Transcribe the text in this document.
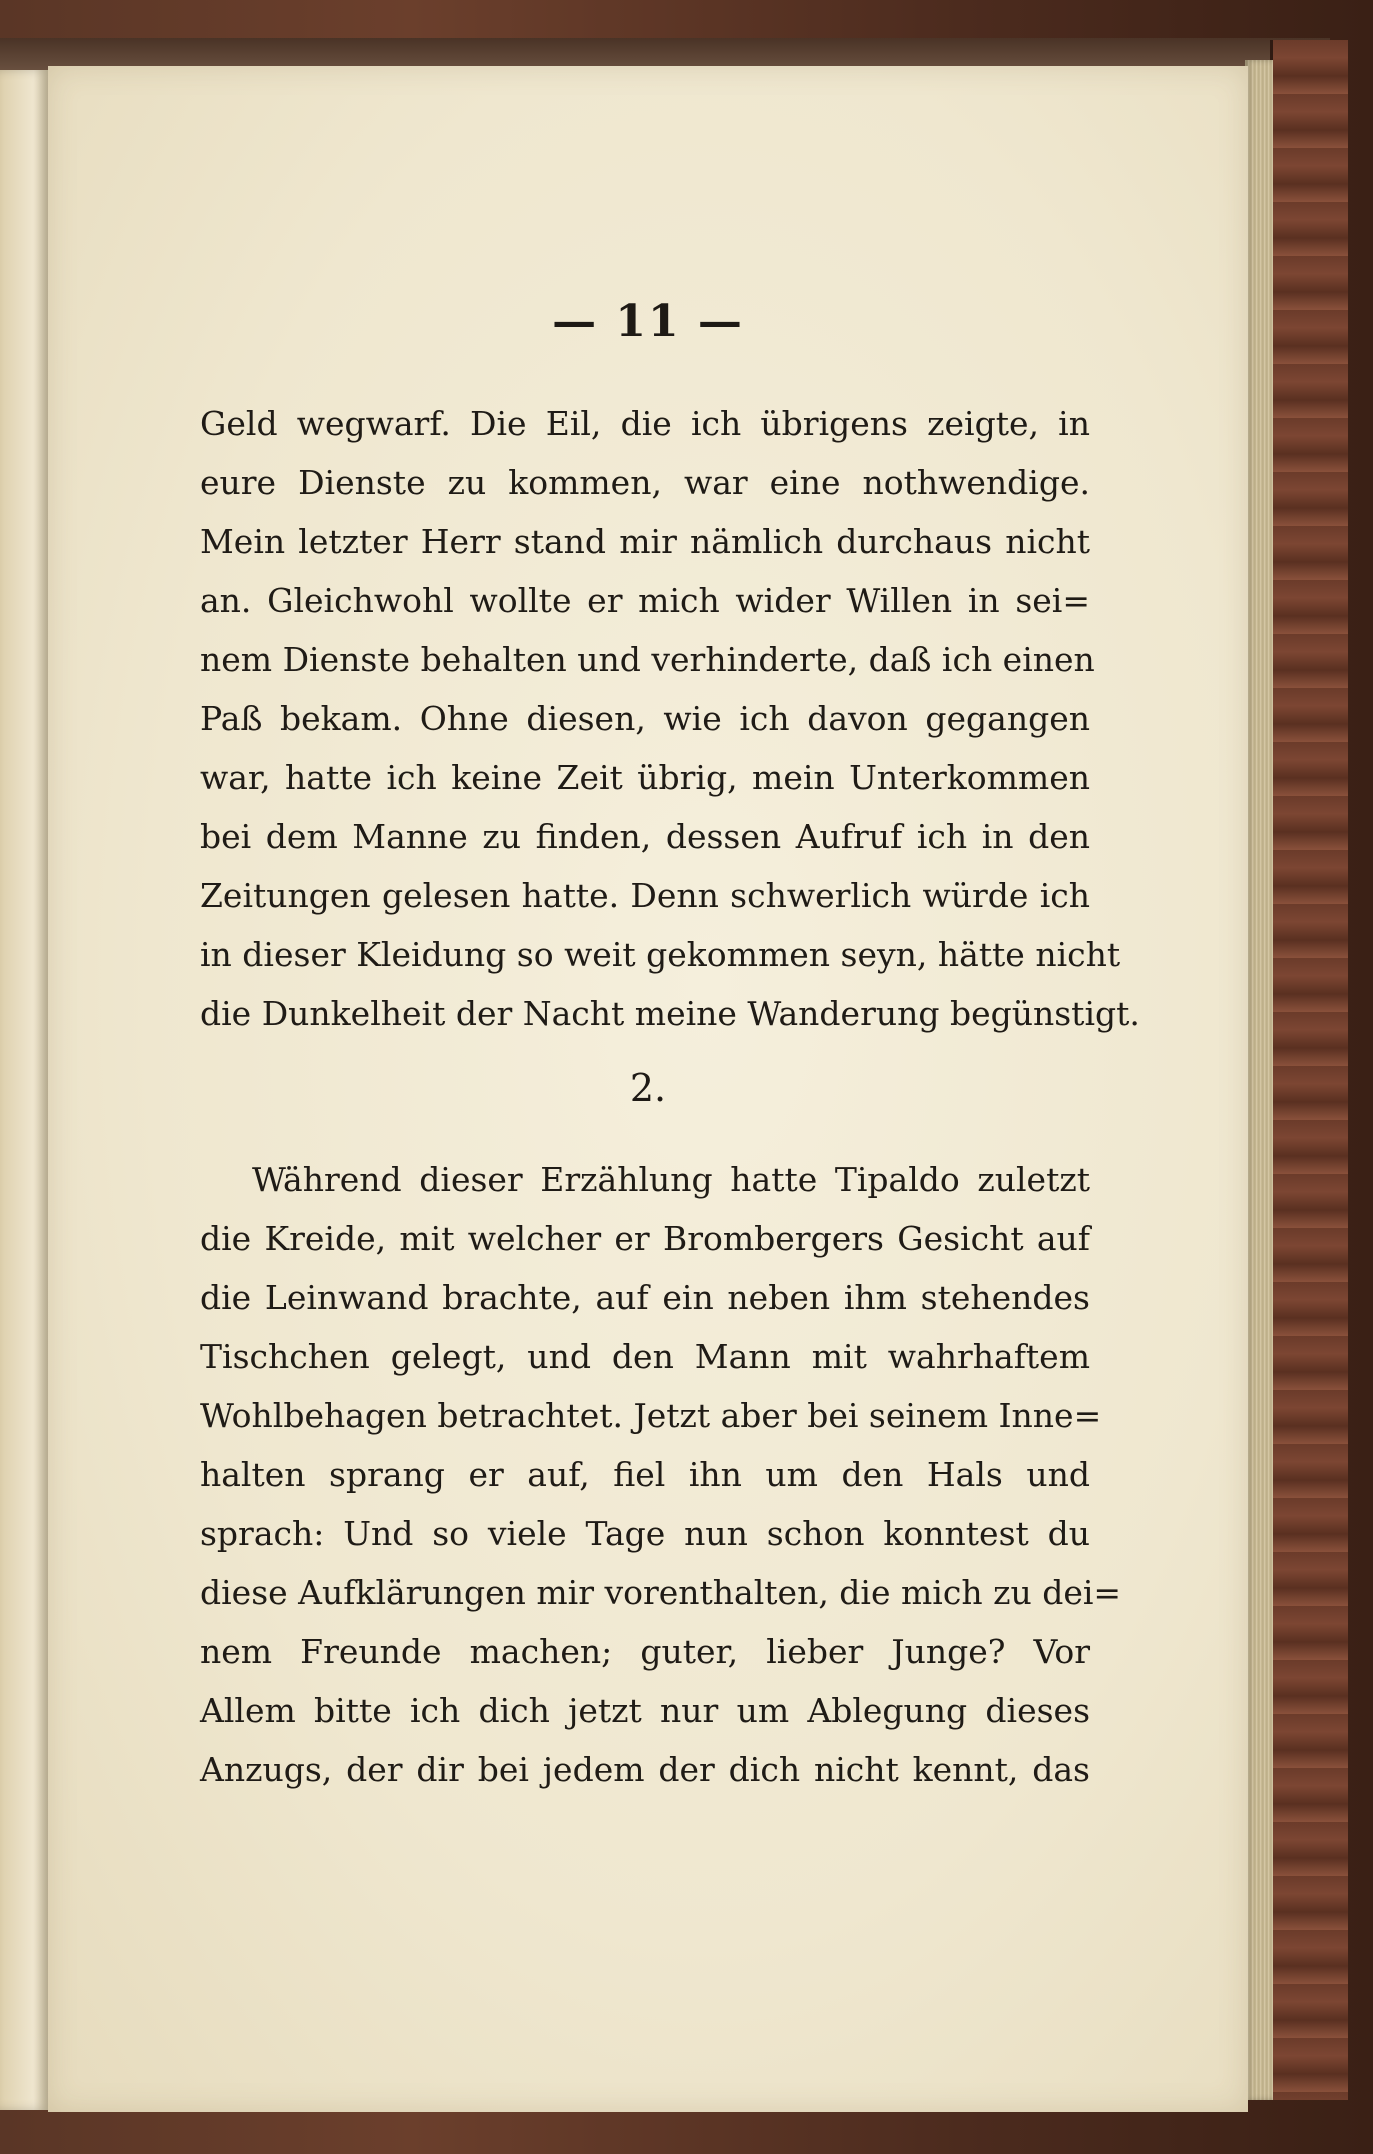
— 11 —
Geld wegwarf. Die Eil, die ich übrigens zeigte, in
eure Dienste zu kommen, war eine nothwendige.
Mein letzter Herr stand mir nämlich durchaus nicht
an. Gleichwohl wollte er mich wider Willen in sei=
nem Dienste behalten und verhinderte, daß ich einen
Paß bekam. Ohne diesen, wie ich davon gegangen
war, hatte ich keine Zeit übrig, mein Unterkommen
bei dem Manne zu finden, dessen Aufruf ich in den
Zeitungen gelesen hatte. Denn schwerlich würde ich
in dieser Kleidung so weit gekommen seyn, hätte nicht
die Dunkelheit der Nacht meine Wanderung begünstigt.
2.
Während dieser Erzählung hatte Tipaldo zuletzt
die Kreide, mit welcher er Brombergers Gesicht auf
die Leinwand brachte, auf ein neben ihm stehendes
Tischchen gelegt, und den Mann mit wahrhaftem
Wohlbehagen betrachtet. Jetzt aber bei seinem Inne=
halten sprang er auf, fiel ihn um den Hals und
sprach: Und so viele Tage nun schon konntest du
diese Aufklärungen mir vorenthalten, die mich zu dei=
nem Freunde machen; guter, lieber Junge? Vor
Allem bitte ich dich jetzt nur um Ablegung dieses
Anzugs, der dir bei jedem der dich nicht kennt, das
